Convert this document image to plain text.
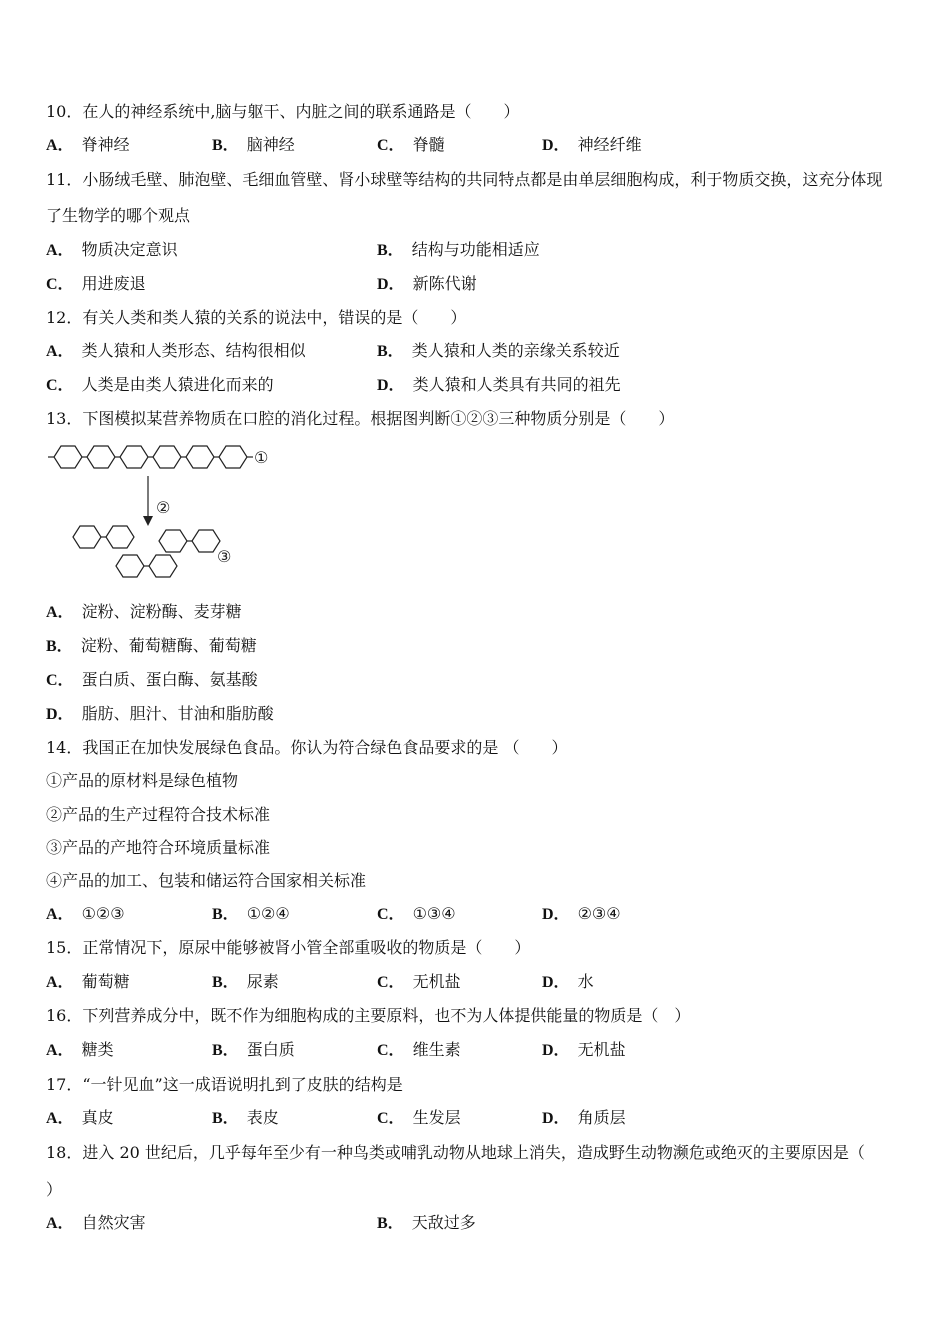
10．在人的神经系统中,脑与躯干、内脏之间的联系通路是（　　）
A． 脊神经	B． 脑神经	C． 脊髓	D． 神经纤维
11．小肠绒毛壁、肺泡壁、毛细血管壁、肾小球壁等结构的共同特点都是由单层细胞构成，利于物质交换，这充分体现
了生物学的哪个观点
A． 物质决定意识	B． 结构与功能相适应
C． 用进废退	D． 新陈代谢
12．有关人类和类人猿的关系的说法中，错误的是（　　）
A． 类人猿和人类形态、结构很相似	B． 类人猿和人类的亲缘关系较近
C． 人类是由类人猿进化而来的	D． 类人猿和人类具有共同的祖先
13．下图模拟某营养物质在口腔的消化过程。根据图判断①②③三种物质分别是（　　）
①
②
③
A． 淀粉、淀粉酶、麦芽糖
B． 淀粉、葡萄糖酶、葡萄糖
C． 蛋白质、蛋白酶、氨基酸
D． 脂肪、胆汁、甘油和脂肪酸
14．我国正在加快发展绿色食品。你认为符合绿色食品要求的是 （　　）
①产品的原材料是绿色植物
②产品的生产过程符合技术标准
③产品的产地符合环境质量标准
④产品的加工、包装和储运符合国家相关标准
A． ①②③	B． ①②④	C． ①③④	D． ②③④
15．正常情况下，原尿中能够被肾小管全部重吸收的物质是（　　）
A． 葡萄糖	B． 尿素	C． 无机盐	D． 水
16．下列营养成分中，既不作为细胞构成的主要原料，也不为人体提供能量的物质是（　）
A． 糖类	B． 蛋白质	C． 维生素	D． 无机盐
17．“一针见血”这一成语说明扎到了皮肤的结构是
A． 真皮	B． 表皮	C． 生发层	D． 角质层
18．进入 20 世纪后，几乎每年至少有一种鸟类或哺乳动物从地球上消失，造成野生动物濒危或绝灭的主要原因是（
）
A． 自然灾害	B． 天敌过多
